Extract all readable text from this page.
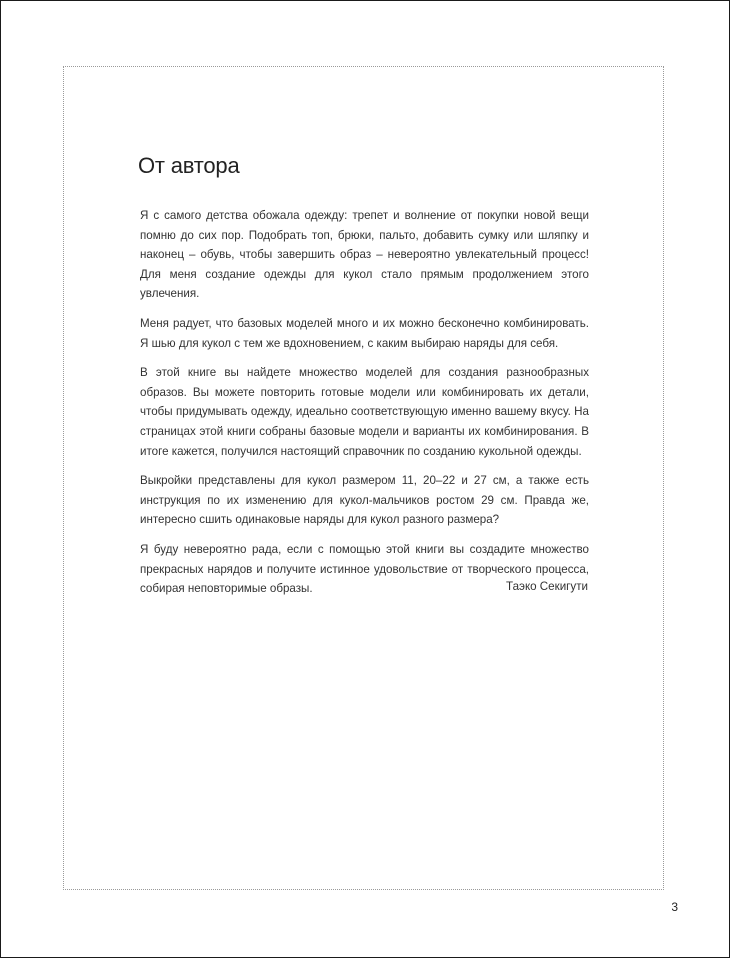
От автора

Я с самого детства обожала одежду: трепет и волнение от покупки новой вещи помню до сих пор. Подобрать топ, брюки, пальто, добавить сумку или шляпку и наконец – обувь, чтобы завершить образ – невероятно увлекательный процесс! Для меня создание одежды для кукол стало прямым продолжением этого увлечения.

Меня радует, что базовых моделей много и их можно бесконечно комбинировать. Я шью для кукол с тем же вдохновением, с каким выбираю наряды для себя.

В этой книге вы найдете множество моделей для создания разнообразных образов. Вы можете повторить готовые модели или комбинировать их детали, чтобы придумывать одежду, идеально соответствующую именно вашему вкусу. На страницах этой книги собраны базовые модели и варианты их комбинирования. В итоге кажется, получился настоящий справочник по созданию кукольной одежды.

Выкройки представлены для кукол размером 11, 20–22 и 27 см, а также есть инструкция по их изменению для кукол-мальчиков ростом 29 см. Правда же, интересно сшить одинаковые наряды для кукол разного размера?

Я буду невероятно рада, если с помощью этой книги вы создадите множество прекрасных нарядов и получите истинное удовольствие от творческого процесса, собирая неповторимые образы.	Таэко Секигути
3
